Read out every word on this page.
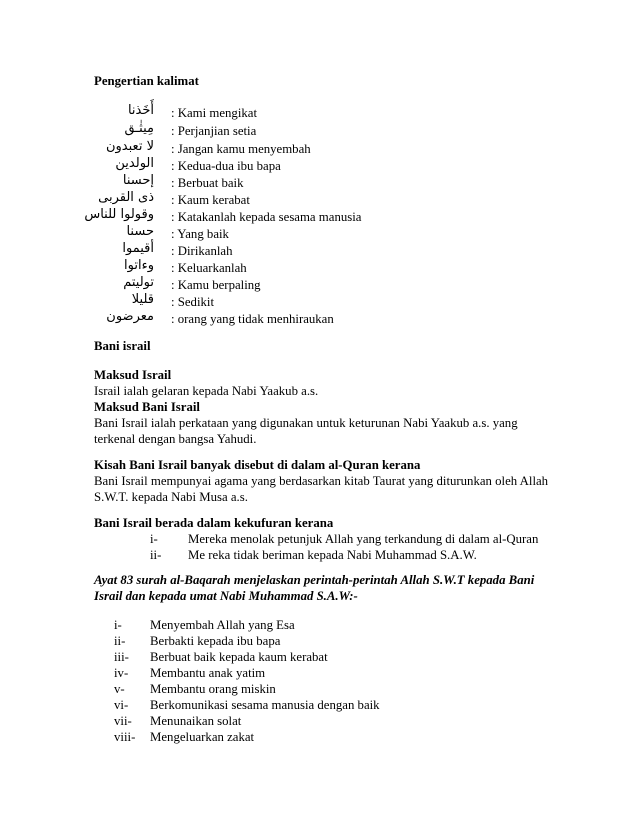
Pengertian kalimat
أَخَذنا : Kami mengikat
مِيثٰـق : Perjanjian setia
لا تعبدون : Jangan kamu menyembah
الولدين : Kedua-dua ibu bapa
إحسنا : Berbuat baik
ذى القربى : Kaum kerabat
وقولوا للناس : Katakanlah kepada sesama manusia
حسنا : Yang baik
أقيموا : Dirikanlah
وءاتوا : Keluarkanlah
توليتم : Kamu berpaling
قليلا : Sedikit
معرضون : orang yang tidak menhiraukan
Bani israil
Maksud Israil
Israil ialah gelaran kepada Nabi Yaakub a.s.
Maksud Bani Israil
Bani Israil ialah perkataan yang digunakan untuk keturunan Nabi Yaakub a.s. yang
terkenal dengan bangsa Yahudi.
Kisah Bani Israil banyak disebut di dalam al-Quran kerana
Bani Israil mempunyai agama yang berdasarkan kitab Taurat yang diturunkan oleh Allah
S.W.T. kepada Nabi Musa a.s.
Bani Israil berada dalam kekufuran kerana
i- Mereka menolak petunjuk Allah yang terkandung di dalam al-Quran
ii- Me reka tidak beriman kepada Nabi Muhammad S.A.W.
Ayat 83 surah al-Baqarah menjelaskan perintah-perintah Allah S.W.T kepada Bani
Israil dan kepada umat Nabi Muhammad S.A.W:-
i- Menyembah Allah yang Esa
ii- Berbakti kepada ibu bapa
iii- Berbuat baik kepada kaum kerabat
iv- Membantu anak yatim
v- Membantu orang miskin
vi- Berkomunikasi sesama manusia dengan baik
vii- Menunaikan solat
viii- Mengeluarkan zakat
